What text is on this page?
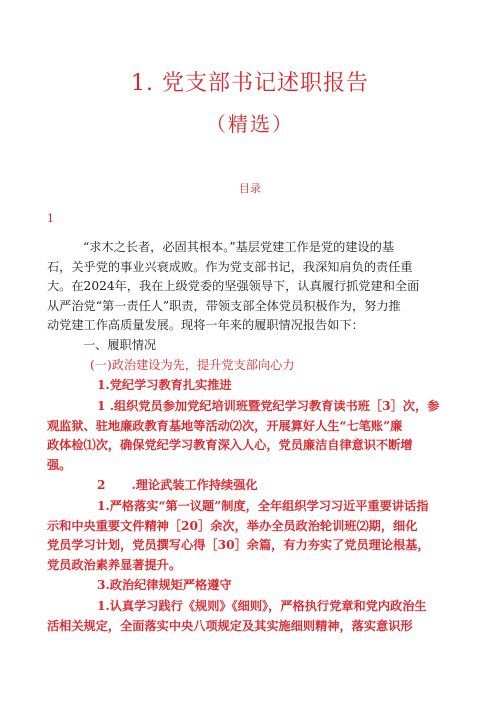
1. 党支部书记述职报告
（精选）
目录
1
“求木之长者，必固其根本。”基层党建工作是党的建设的基
石，关乎党的事业兴衰成败。作为党支部书记，我深知肩负的责任重
大。在2024年，我在上级党委的坚强领导下，认真履行抓党建和全面
从严治党“第一责任人”职责，带领支部全体党员积极作为，努力推
动党建工作高质量发展。现将一年来的履职情况报告如下：
一、履职情况
(一)政治建设为先，提升党支部向心力
1.党纪学习教育扎实推进
1 .组织党员参加党纪培训班暨党纪学习教育读书班［3］次，参
观监狱、驻地廉政教育基地等活动⑵次，开展算好人生“七笔账”廉
政体检⑴次，确保党纪学习教育深入人心，党员廉洁自律意识不断增
强。
2 .理论武装工作持续强化
1.严格落实“第一议题”制度，全年组织学习习近平重要讲话指
示和中央重要文件精神［20］余次，举办全员政治轮训班⑵期，细化
党员学习计划，党员撰写心得［30］余篇，有力夯实了党员理论根基，
党员政治素养显著提升。
3.政治纪律规矩严格遵守
1.认真学习践行《规则》《细则》，严格执行党章和党内政治生
活相关规定，全面落实中央八项规定及其实施细则精神，落实意识形
